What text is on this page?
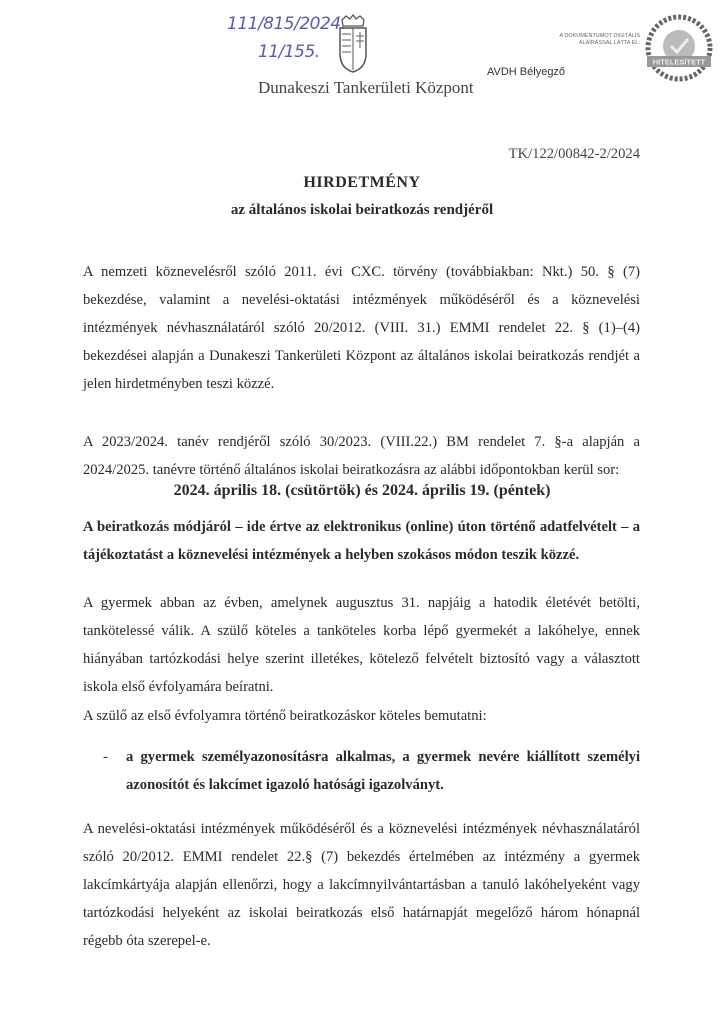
111/815/2024.
11/155.
Dunakeszi Tankerületi Központ
A DOKUMENTUMOT DIGITÁLIS
ALÁÍRÁSSAL LÁTTA EL:
AVDH Bélyegző
HITELESÍTETT
TK/122/00842-2/2024
HIRDETMÉNY
az általános iskolai beiratkozás rendjéről
A nemzeti köznevelésről szóló 2011. évi CXC. törvény (továbbiakban: Nkt.) 50. § (7)
bekezdése, valamint a nevelési-oktatási intézmények működéséről és a köznevelési
intézmények névhasználatáról szóló 20/2012. (VIII. 31.) EMMI rendelet 22. § (1)–(4)
bekezdései alapján a Dunakeszi Tankerületi Központ az általános iskolai beiratkozás rendjét a
jelen hirdetményben teszi közzé.
A 2023/2024. tanév rendjéről szóló 30/2023. (VIII.22.) BM rendelet 7. §-a alapján a
2024/2025. tanévre történő általános iskolai beiratkozásra az alábbi időpontokban kerül sor:
2024. április 18. (csütörtök) és 2024. április 19. (péntek)
A beiratkozás módjáról – ide értve az elektronikus (online) úton történő adatfelvételt – a
tájékoztatást a köznevelési intézmények a helyben szokásos módon teszik közzé.
A gyermek abban az évben, amelynek augusztus 31. napjáig a hatodik életévét betölti,
tankötelessé válik. A szülő köteles a tanköteles korba lépő gyermekét a lakóhelye, ennek
hiányában tartózkodási helye szerint illetékes, kötelező felvételt biztosító vagy a választott
iskola első évfolyamára beíratni.
A szülő az első évfolyamra történő beiratkozáskor köteles bemutatni:
- a gyermek személyazonosításra alkalmas, a gyermek nevére kiállított személyi
azonosítót és lakcímet igazoló hatósági igazolványt.
A nevelési-oktatási intézmények működéséről és a köznevelési intézmények névhasználatáról
szóló 20/2012. EMMI rendelet 22.§ (7) bekezdés értelmében az intézmény a gyermek
lakcímkártyája alapján ellenőrzi, hogy a lakcímnyilvántartásban a tanuló lakóhelyeként vagy
tartózkodási helyeként az iskolai beiratkozás első határnapját megelőző három hónapnál
régebb óta szerepel-e.
